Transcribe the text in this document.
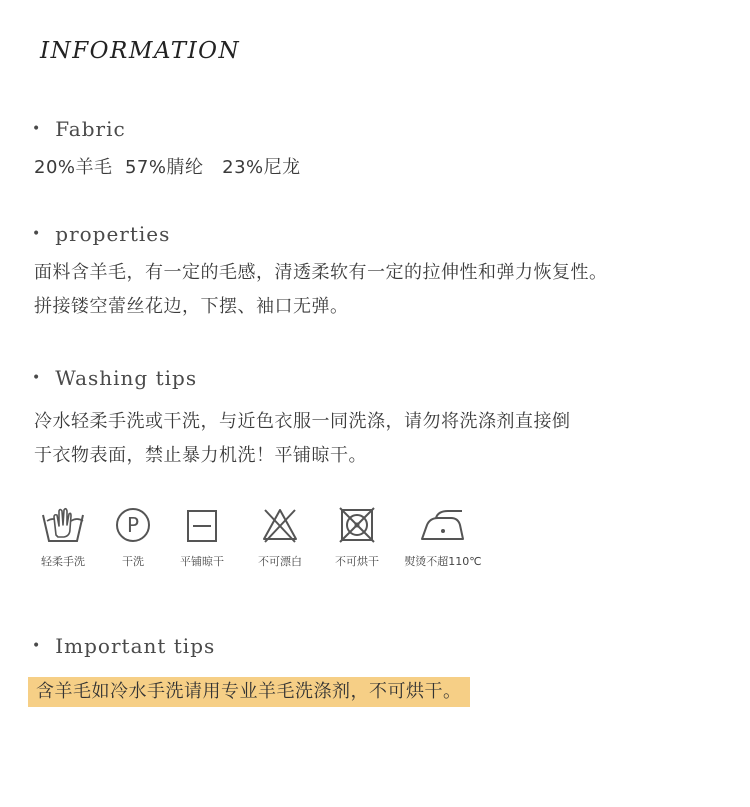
INFORMATION
• Fabric

20%羊毛  57%腈纶   23%尼龙

• properties

面料含羊毛，有一定的毛感，清透柔软有一定的拉伸性和弹力恢复性。
拼接镂空蕾丝花边，下摆、袖口无弹。

• Washing tips

冷水轻柔手洗或干洗，与近色衣服一同洗涤，请勿将洗涤剂直接倒
于衣物表面，禁止暴力机洗！平铺晾干。

轻柔手洗
P
干洗	平铺晾干	不可漂白	不可烘干	熨烫不超110℃
• Important tips
含羊毛如冷水手洗请用专业羊毛洗涤剂，不可烘干。
